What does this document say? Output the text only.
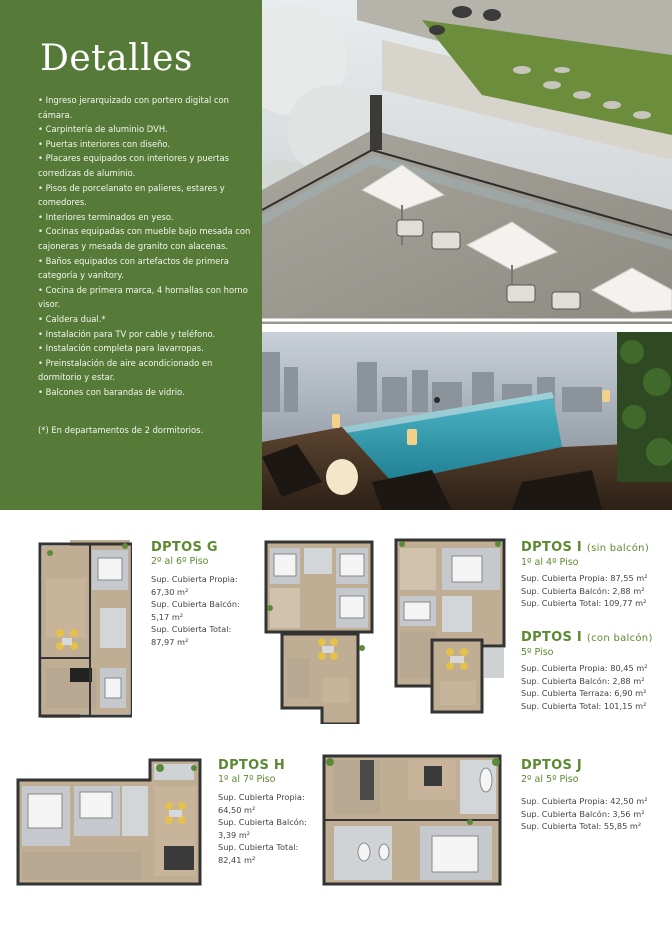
Detalles
• Ingreso jerarquizado con portero digital con cámara.
• Carpintería de aluminio DVH.
• Puertas interiores con diseño.
• Placares equipados con interiores y puertas corredizas de aluminio.
• Pisos de porcelanato en palieres, estares y comedores.
• Interiores terminados en yeso.
• Cocinas equipadas con mueble bajo mesada con cajoneras y mesada de granito con alacenas.
• Baños equipados con artefactos de primera categoría y vanitory.
• Cocina de primera marca, 4 hornallas con horno visor.
• Caldera dual.*
• Instalación para TV por cable y teléfono.
• Instalación completa para lavarropas.
• Preinstalación de aire acondicionado en dormitorio y estar.
• Balcones con barandas de vidrio.
(*) En departamentos de 2 dormitorios.
DPTOS G
2º al 6º Piso
Sup. Cubierta Propia:
67,30 m²
Sup. Cubierta Balcón:
5,17 m²
Sup. Cubierta Total:
87,97 m²
DPTOS I (sin balcón)
1º al 4º Piso
Sup. Cubierta Propia: 87,55 m²
Sup. Cubierta Balcón: 2,88 m²
Sup. Cubierta Total: 109,77 m²
DPTOS I (con balcón)
5º Piso
Sup. Cubierta Propia: 80,45 m²
Sup. Cubierta Balcón: 2,88 m²
Sup. Cubierta Terraza: 6,90 m²
Sup. Cubierta Total: 101,15 m²
DPTOS H
1º al 7º Piso
Sup. Cubierta Propia:
64,50 m²
Sup. Cubierta Balcón:
3,39 m²
Sup. Cubierta Total:
82,41 m²
DPTOS J
2º al 5º Piso
Sup. Cubierta Propia: 42,50 m²
Sup. Cubierta Balcón: 3,56 m²
Sup. Cubierta Total: 55,85 m²
